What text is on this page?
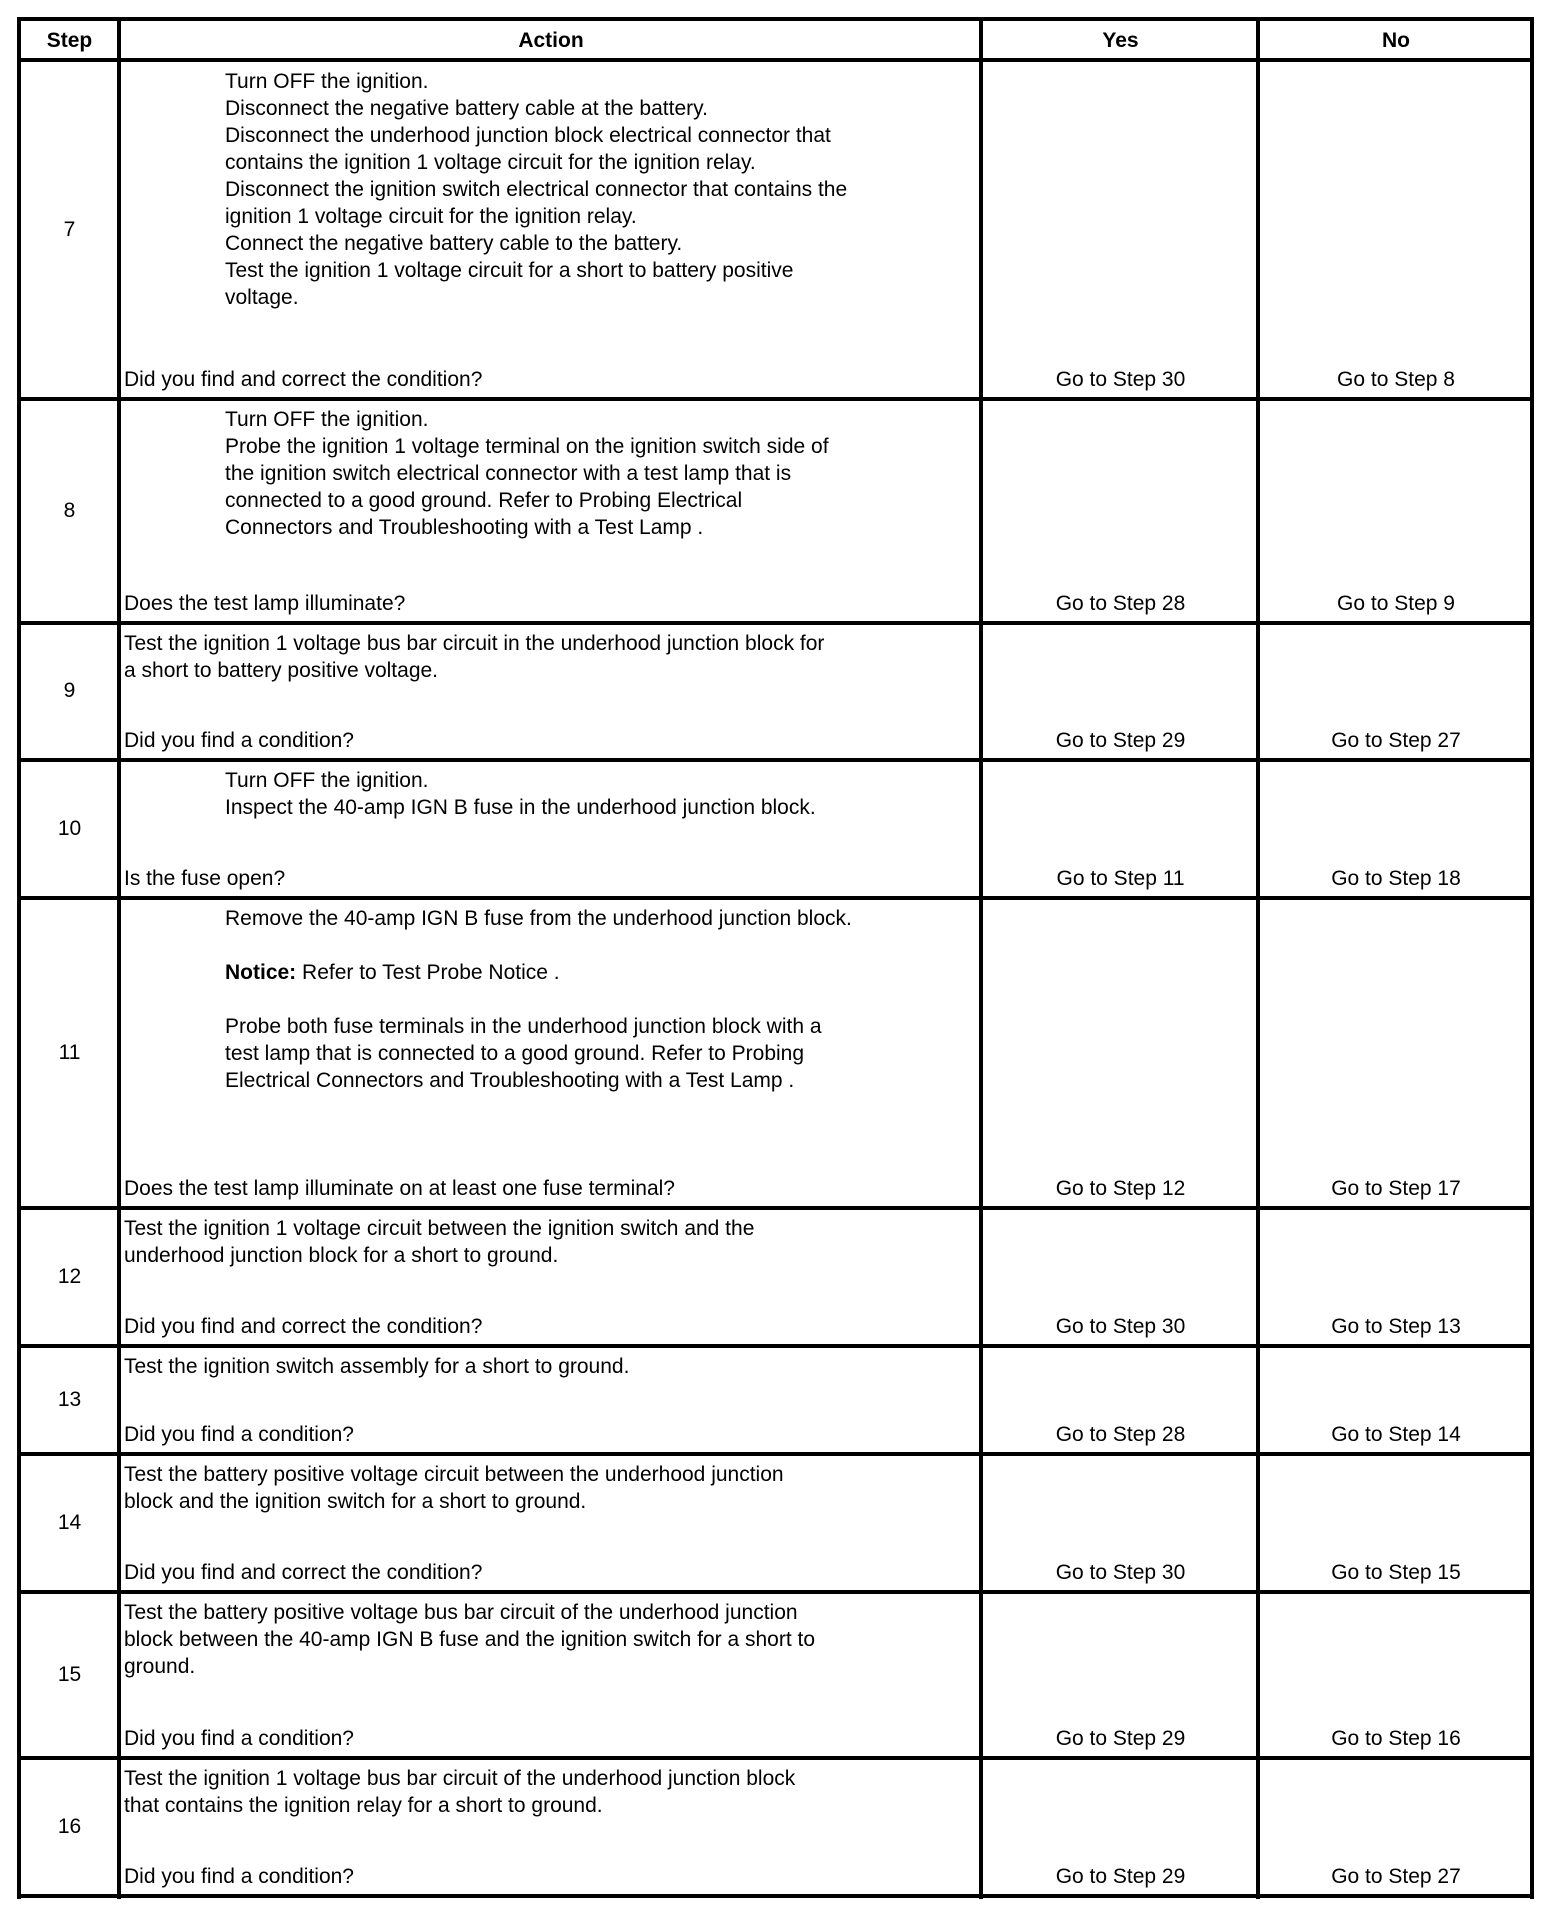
Step	Action	Yes	No
7
Turn OFF the ignition.
Disconnect the negative battery cable at the battery.
Disconnect the underhood junction block electrical connector that
contains the ignition 1 voltage circuit for the ignition relay.
Disconnect the ignition switch electrical connector that contains the
ignition 1 voltage circuit for the ignition relay.
Connect the negative battery cable to the battery.
Test the ignition 1 voltage circuit for a short to battery positive
voltage.
Did you find and correct the condition?	Go to Step 30	Go to Step 8
8
Turn OFF the ignition.
Probe the ignition 1 voltage terminal on the ignition switch side of
the ignition switch electrical connector with a test lamp that is
connected to a good ground. Refer to Probing Electrical
Connectors and Troubleshooting with a Test Lamp .
Does the test lamp illuminate?	Go to Step 28	Go to Step 9
9
Test the ignition 1 voltage bus bar circuit in the underhood junction block for
a short to battery positive voltage.
Did you find a condition?	Go to Step 29	Go to Step 27
10
Turn OFF the ignition.
Inspect the 40-amp IGN B fuse in the underhood junction block.
Is the fuse open?	Go to Step 11	Go to Step 18
11
Remove the 40-amp IGN B fuse from the underhood junction block.
Notice: Refer to Test Probe Notice .
Probe both fuse terminals in the underhood junction block with a
test lamp that is connected to a good ground. Refer to Probing
Electrical Connectors and Troubleshooting with a Test Lamp .
Does the test lamp illuminate on at least one fuse terminal?	Go to Step 12	Go to Step 17
12
Test the ignition 1 voltage circuit between the ignition switch and the
underhood junction block for a short to ground.
Did you find and correct the condition?	Go to Step 30	Go to Step 13
13
Test the ignition switch assembly for a short to ground.
Did you find a condition?	Go to Step 28	Go to Step 14
14
Test the battery positive voltage circuit between the underhood junction
block and the ignition switch for a short to ground.
Did you find and correct the condition?	Go to Step 30	Go to Step 15
15
Test the battery positive voltage bus bar circuit of the underhood junction
block between the 40-amp IGN B fuse and the ignition switch for a short to
ground.
Did you find a condition?	Go to Step 29	Go to Step 16
16
Test the ignition 1 voltage bus bar circuit of the underhood junction block
that contains the ignition relay for a short to ground.
Did you find a condition?	Go to Step 29	Go to Step 27
